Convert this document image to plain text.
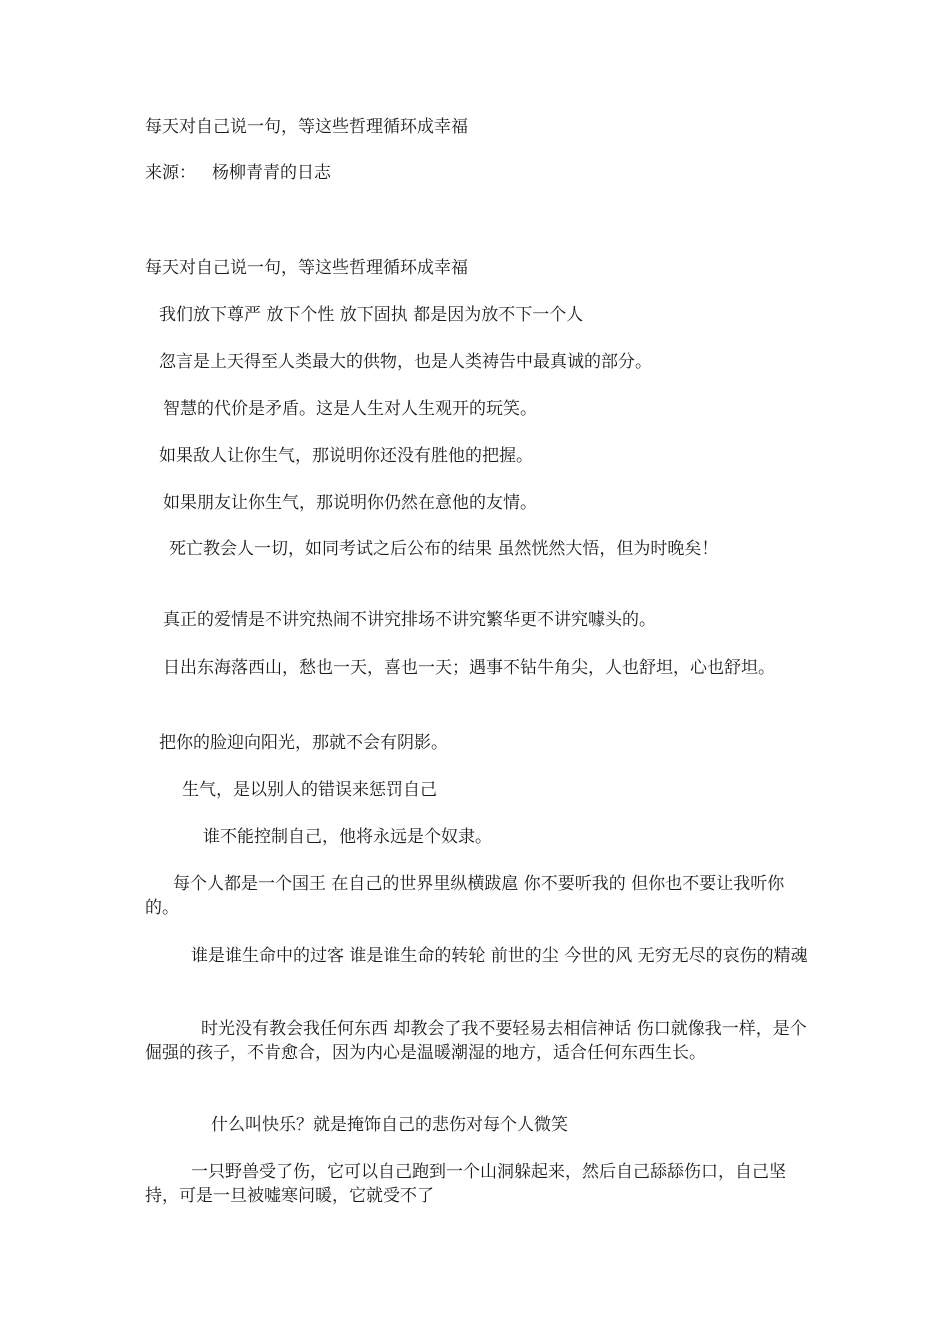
每天对自己说一句，等这些哲理循环成幸福

来源： 杨柳青青的日志

每天对自己说一句，等这些哲理循环成幸福

我们放下尊严 放下个性 放下固执 都是因为放不下一个人

忽言是上天得至人类最大的供物，也是人类祷告中最真诚的部分。

智慧的代价是矛盾。这是人生对人生观开的玩笑。

如果敌人让你生气，那说明你还没有胜他的把握。

如果朋友让你生气，那说明你仍然在意他的友情。

死亡教会人一切，如同考试之后公布的结果 虽然恍然大悟，但为时晚矣！

真正的爱情是不讲究热闹不讲究排场不讲究繁华更不讲究噱头的。

日出东海落西山，愁也一天，喜也一天；遇事不钻牛角尖，人也舒坦，心也舒坦。

把你的脸迎向阳光，那就不会有阴影。

生气，是以别人的错误来惩罚自己

谁不能控制自己，他将永远是个奴隶。

每个人都是一个国王 在自己的世界里纵横跋扈 你不要听我的 但你也不要让我听你的。

谁是谁生命中的过客 谁是谁生命的转轮 前世的尘 今世的风 无穷无尽的哀伤的精魂

时光没有教会我任何东西 却教会了我不要轻易去相信神话 伤口就像我一样，是个倔强的孩子，不肯愈合，因为内心是温暖潮湿的地方，适合任何东西生长。

什么叫快乐？就是掩饰自己的悲伤对每个人微笑

一只野兽受了伤，它可以自己跑到一个山洞躲起来，然后自己舔舔伤口，自己坚持，可是一旦被嘘寒问暖，它就受不了
